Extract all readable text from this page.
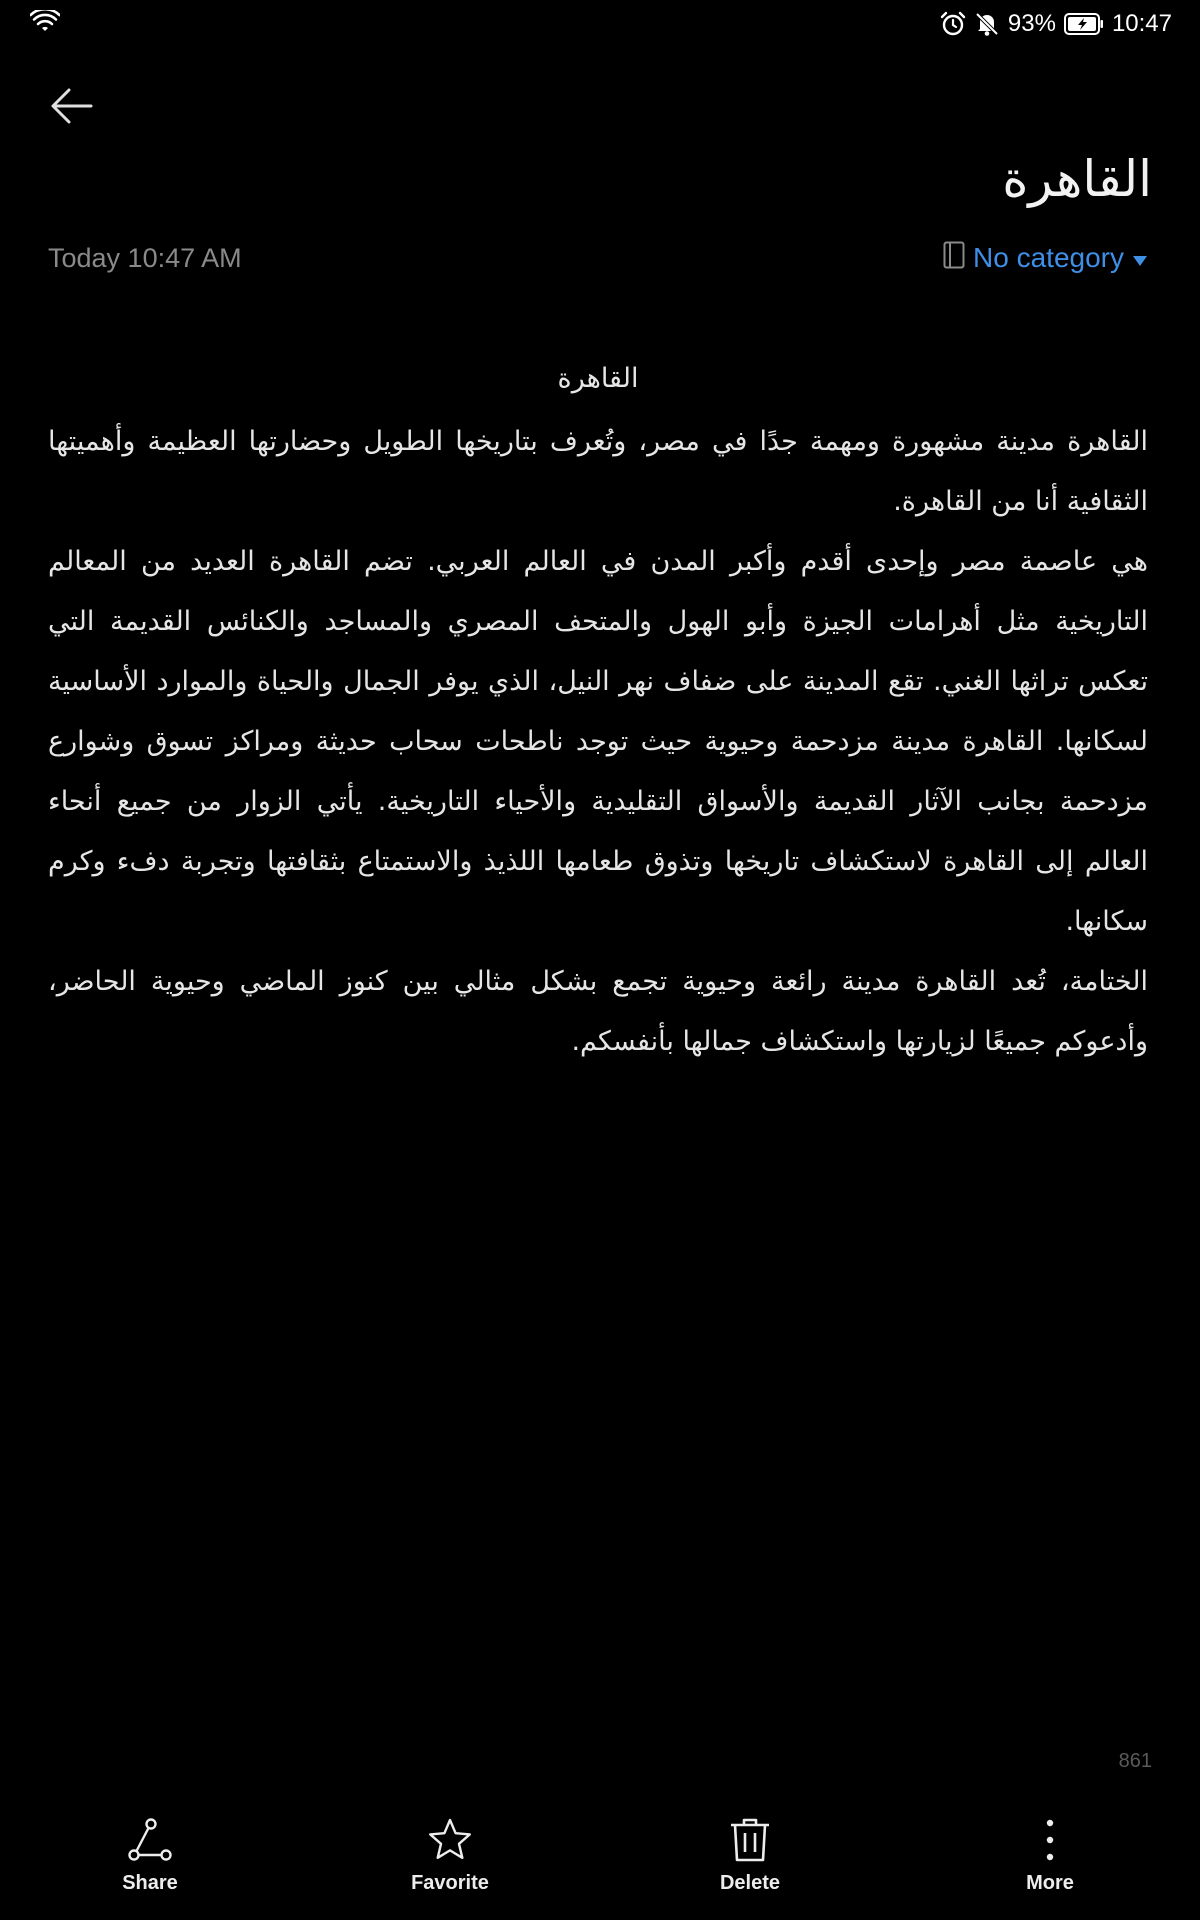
93% 10:47
القاهرة
Today 10:47 AM	No category
القاهرة
القاهرة مدينة مشهورة ومهمة جدًا في مصر، وتُعرف بتاريخها الطويل وحضارتها العظيمة وأهميتها
الثقافية أنا من القاهرة.
هي عاصمة مصر وإحدى أقدم وأكبر المدن في العالم العربي. تضم القاهرة العديد من المعالم
التاريخية مثل أهرامات الجيزة وأبو الهول والمتحف المصري والمساجد والكنائس القديمة التي
تعكس تراثها الغني. تقع المدينة على ضفاف نهر النيل، الذي يوفر الجمال والحياة والموارد الأساسية
لسكانها. القاهرة مدينة مزدحمة وحيوية حيث توجد ناطحات سحاب حديثة ومراكز تسوق وشوارع
مزدحمة بجانب الآثار القديمة والأسواق التقليدية والأحياء التاريخية. يأتي الزوار من جميع أنحاء
العالم إلى القاهرة لاستكشاف تاريخها وتذوق طعامها اللذيذ والاستمتاع بثقافتها وتجربة دفء وكرم
سكانها.
الختامة، تُعد القاهرة مدينة رائعة وحيوية تجمع بشكل مثالي بين كنوز الماضي وحيوية الحاضر،
وأدعوكم جميعًا لزيارتها واستكشاف جمالها بأنفسكم.
861
Share	Favorite	Delete	More
